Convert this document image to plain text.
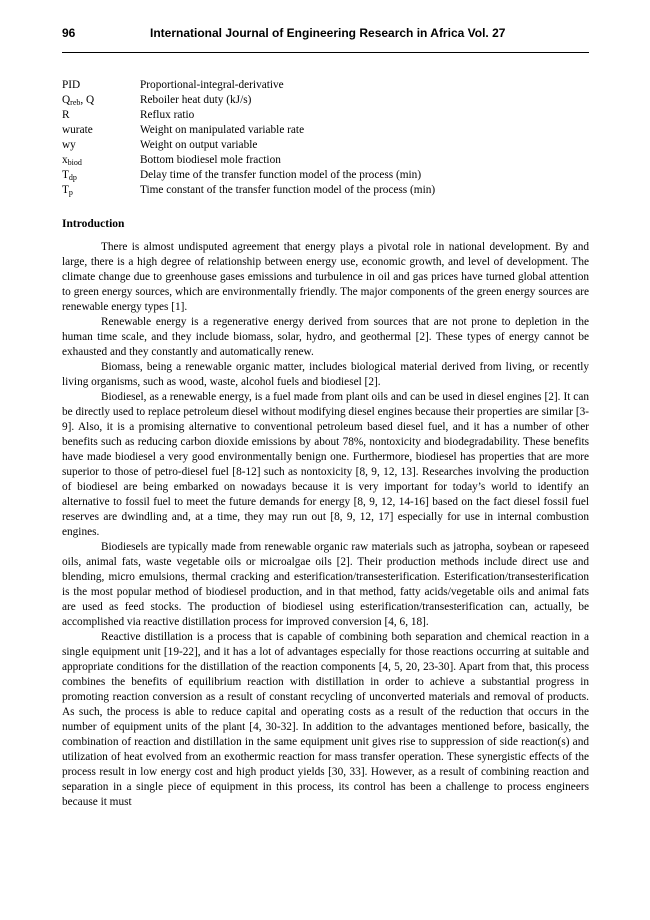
96	International Journal of Engineering Research in Africa Vol. 27
PID	Proportional-integral-derivative
$Q_{reb}$, Q	Reboiler heat duty (kJ/s)
R	Reflux ratio
wurate	Weight on manipulated variable rate
wy	Weight on output variable
$x_{biod}$	Bottom biodiesel mole fraction
$T_{dp}$	Delay time of the transfer function model of the process (min)
$T_p$	Time constant of the transfer function model of the process (min)
Introduction

There is almost undisputed agreement that energy plays a pivotal role in national development. By and large, there is a high degree of relationship between energy use, economic growth, and level of development. The climate change due to greenhouse gases emissions and turbulence in oil and gas prices have turned global attention to green energy sources, which are environmentally friendly. The major components of the green energy sources are renewable energy types [1].

Renewable energy is a regenerative energy derived from sources that are not prone to depletion in the human time scale, and they include biomass, solar, hydro, and geothermal [2]. These types of energy cannot be exhausted and they constantly and automatically renew.

Biomass, being a renewable organic matter, includes biological material derived from living, or recently living organisms, such as wood, waste, alcohol fuels and biodiesel [2].

Biodiesel, as a renewable energy, is a fuel made from plant oils and can be used in diesel engines [2]. It can be directly used to replace petroleum diesel without modifying diesel engines because their properties are similar [3-9]. Also, it is a promising alternative to conventional petroleum based diesel fuel, and it has a number of other benefits such as reducing carbon dioxide emissions by about 78%, nontoxicity and biodegradability. These benefits have made biodiesel a very good environmentally benign one. Furthermore, biodiesel has properties that are more superior to those of petro-diesel fuel [8-12] such as nontoxicity [8, 9, 12, 13]. Researches involving the production of biodiesel are being embarked on nowadays because it is very important for today’s world to identify an alternative to fossil fuel to meet the future demands for energy [8, 9, 12, 14-16] based on the fact diesel fossil fuel reserves are dwindling and, at a time, they may run out [8, 9, 12, 17] especially for use in internal combustion engines.

Biodiesels are typically made from renewable organic raw materials such as jatropha, soybean or rapeseed oils, animal fats, waste vegetable oils or microalgae oils [2]. Their production methods include direct use and blending, micro emulsions, thermal cracking and esterification/transesterification. Esterification/transesterification is the most popular method of biodiesel production, and in that method, fatty acids/vegetable oils and animal fats are used as feed stocks. The production of biodiesel using esterification/transesterification can, actually, be accomplished via reactive distillation process for improved conversion [4, 6, 18].

Reactive distillation is a process that is capable of combining both separation and chemical reaction in a single equipment unit [19-22], and it has a lot of advantages especially for those reactions occurring at suitable and appropriate conditions for the distillation of the reaction components [4, 5, 20, 23-30]. Apart from that, this process combines the benefits of equilibrium reaction with distillation in order to achieve a substantial progress in promoting reaction conversion as a result of constant recycling of unconverted materials and removal of products. As such, the process is able to reduce capital and operating costs as a result of the reduction that occurs in the number of equipment units of the plant [4, 30-32]. In addition to the advantages mentioned before, basically, the combination of reaction and distillation in the same equipment unit gives rise to suppression of side reaction(s) and utilization of heat evolved from an exothermic reaction for mass transfer operation. These synergistic effects of the process result in low energy cost and high product yields [30, 33]. However, as a result of combining reaction and separation in a single piece of equipment in this process, its control has been a challenge to process engineers because it must
